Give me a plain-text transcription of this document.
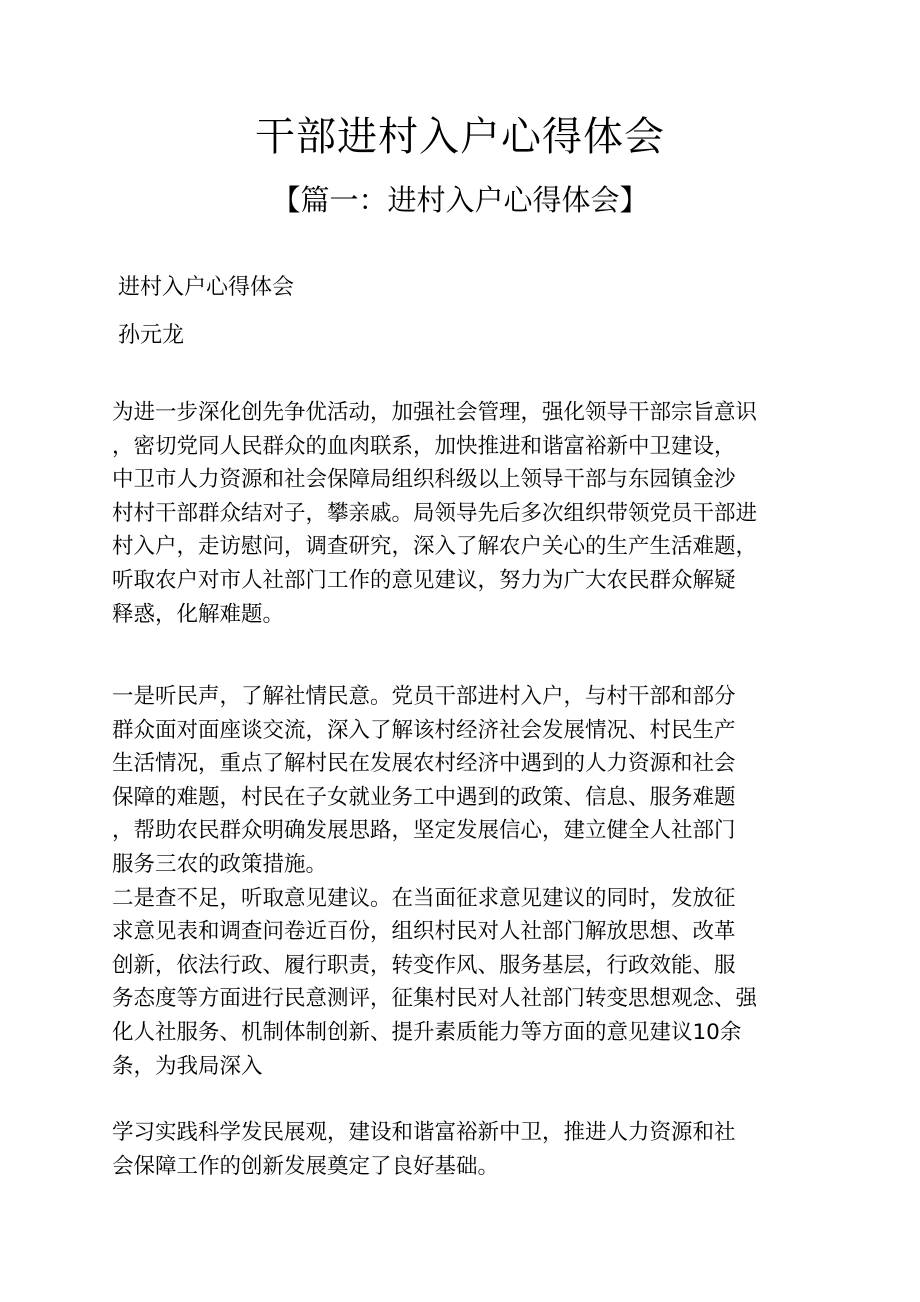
干部进村入户心得体会
【篇一：进村入户心得体会】

进村入户心得体会

孙元龙

为进一步深化创先争优活动，加强社会管理，强化领导干部宗旨意识
，密切党同人民群众的血肉联系，加快推进和谐富裕新中卫建设，
中卫市人力资源和社会保障局组织科级以上领导干部与东园镇金沙
村村干部群众结对子，攀亲戚。局领导先后多次组织带领党员干部进
村入户，走访慰问，调查研究，深入了解农户关心的生产生活难题，
听取农户对市人社部门工作的意见建议，努力为广大农民群众解疑
释惑，化解难题。
一是听民声，了解社情民意。党员干部进村入户，与村干部和部分
群众面对面座谈交流，深入了解该村经济社会发展情况、村民生产
生活情况，重点了解村民在发展农村经济中遇到的人力资源和社会
保障的难题，村民在子女就业务工中遇到的政策、信息、服务难题
，帮助农民群众明确发展思路，坚定发展信心，建立健全人社部门
服务三农的政策措施。
二是查不足，听取意见建议。在当面征求意见建议的同时，发放征
求意见表和调查问卷近百份，组织村民对人社部门解放思想、改革
创新，依法行政、履行职责，转变作风、服务基层，行政效能、服
务态度等方面进行民意测评，征集村民对人社部门转变思想观念、强
化人社服务、机制体制创新、提升素质能力等方面的意见建议10余
条，为我局深入
学习实践科学发民展观，建设和谐富裕新中卫，推进人力资源和社
会保障工作的创新发展奠定了良好基础。
